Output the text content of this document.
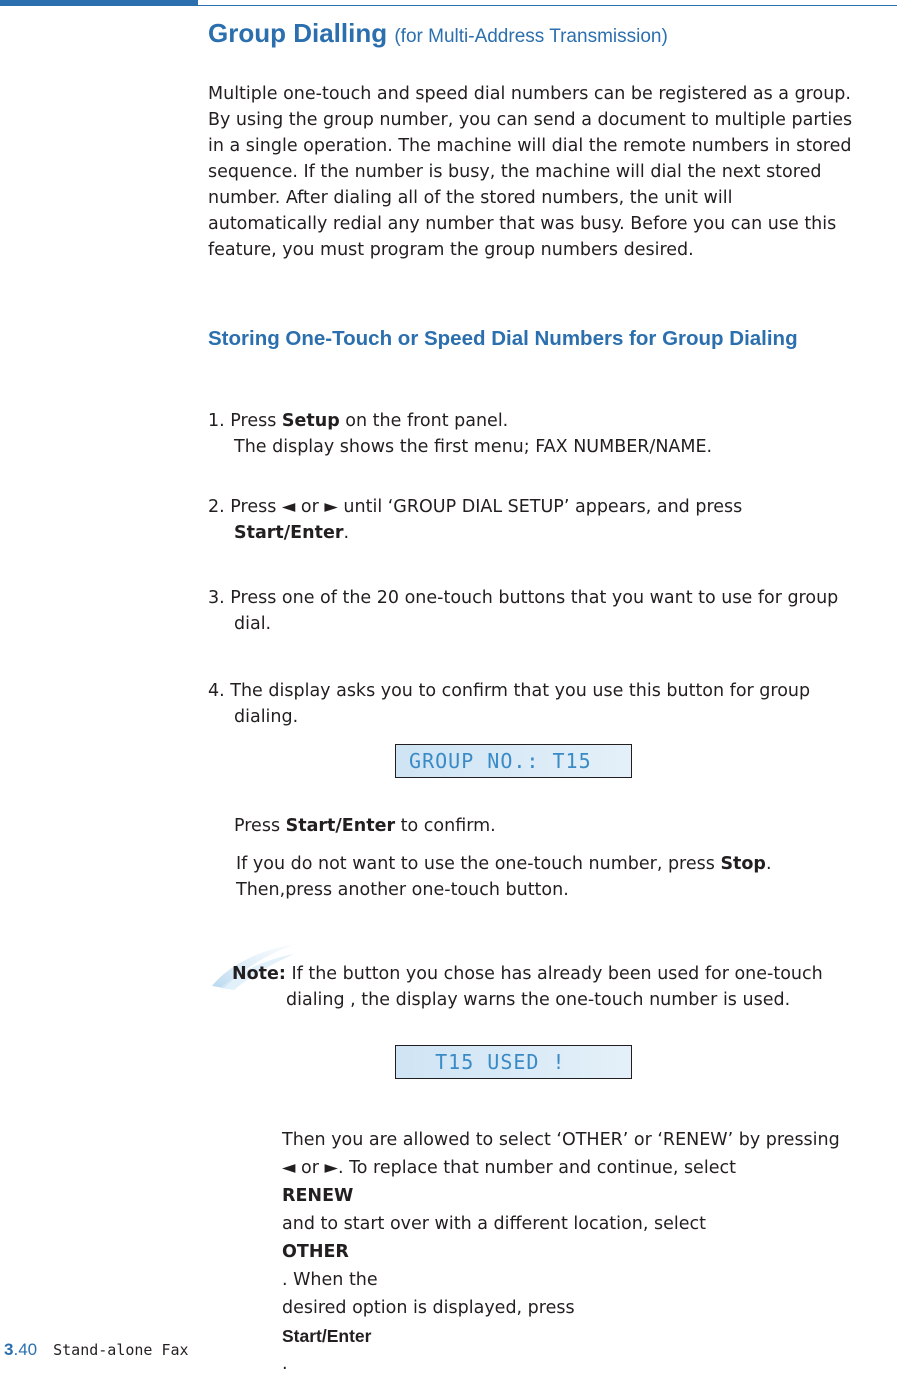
Group Dialling (for Multi-Address Transmission)
Multiple one-touch and speed dial numbers can be registered as a group.
By using the group number, you can send a document to multiple parties
in a single operation. The machine will dial the remote numbers in stored
sequence. If the number is busy, the machine will dial the next stored
number. After dialing all of the stored numbers, the unit will
automatically redial any number that was busy. Before you can use this
feature, you must program the group numbers desired.
Storing One-Touch or Speed Dial Numbers for Group Dialing
1. Press Setup on the front panel.
The display shows the first menu; FAX NUMBER/NAME.
2. Press ◄ or ► until ‘GROUP DIAL SETUP’ appears, and press
Start/Enter.
3. Press one of the 20 one-touch buttons that you want to use for group
dial.
4. The display asks you to confirm that you use this button for group
dialing.
GROUP NO.: T15
Press Start/Enter to confirm.
If you do not want to use the one-touch number, press Stop.
Then,press another one-touch button.
Note: If the button you chose has already been used for one-touch
dialing , the display warns the one-touch number is used.
T15 USED !
Then you are allowed to select ‘OTHER’ or ‘RENEW’ by pressing
◄ or ►. To replace that number and continue, select
RENEW
and to start over with a different location, select
OTHER
. When the
desired option is displayed, press
Start/Enter
.
3.40 Stand-alone Fax
